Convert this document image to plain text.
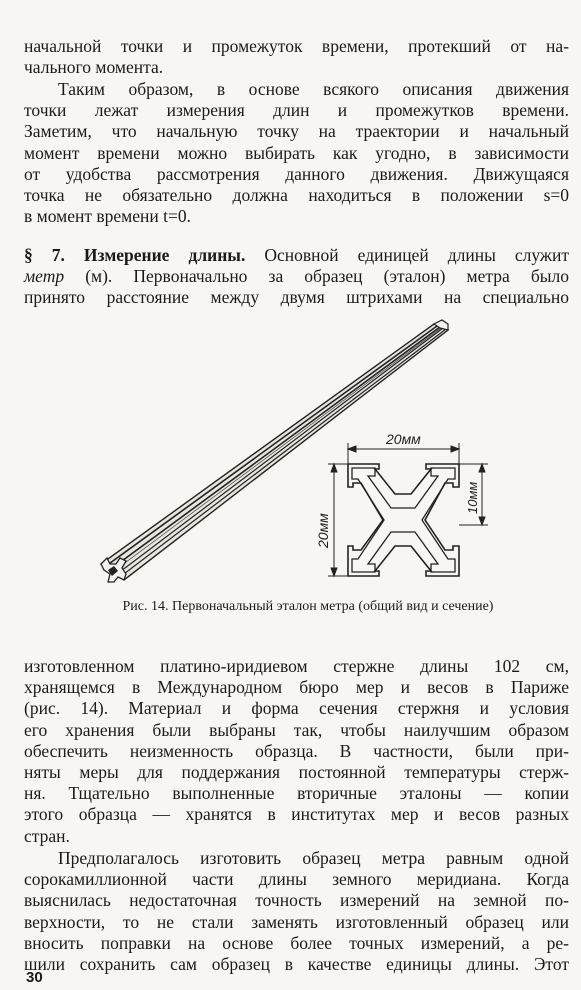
начальной точки и промежуток времени, протекший от на-
чального момента.

Таким образом, в основе всякого описания движения
точки лежат измерения длин и промежутков времени.
Заметим, что начальную точку на траектории и начальный
момент времени можно выбирать как угодно, в зависимости
от удобства рассмотрения данного движения. Движущаяся
точка не обязательно должна находиться в положении s=0
в момент времени t=0.

§ 7. Измерение длины. Основной единицей длины служит
метр (м). Первоначально за образец (эталон) метра было
принято расстояние между двумя штрихами на специально

20мм
20мм
10мм
Рис. 14. Первоначальный эталон метра (общий вид и сечение)

изготовленном платино-иридиевом стержне длины 102 см,
хранящемся в Международном бюро мер и весов в Париже
(рис. 14). Материал и форма сечения стержня и условия
его хранения были выбраны так, чтобы наилучшим образом
обеспечить неизменность образца. В частности, были при-
няты меры для поддержания постоянной температуры стерж-
ня. Тщательно выполненные вторичные эталоны — копии
этого образца — хранятся в институтах мер и весов разных
стран.

Предполагалось изготовить образец метра равным одной
сорокамиллионной части длины земного меридиана. Когда
выяснилась недостаточная точность измерений на земной по-
верхности, то не стали заменять изготовленный образец или
вносить поправки на основе более точных измерений, а ре-
шили сохранить сам образец в качестве единицы длины. Этот

30
